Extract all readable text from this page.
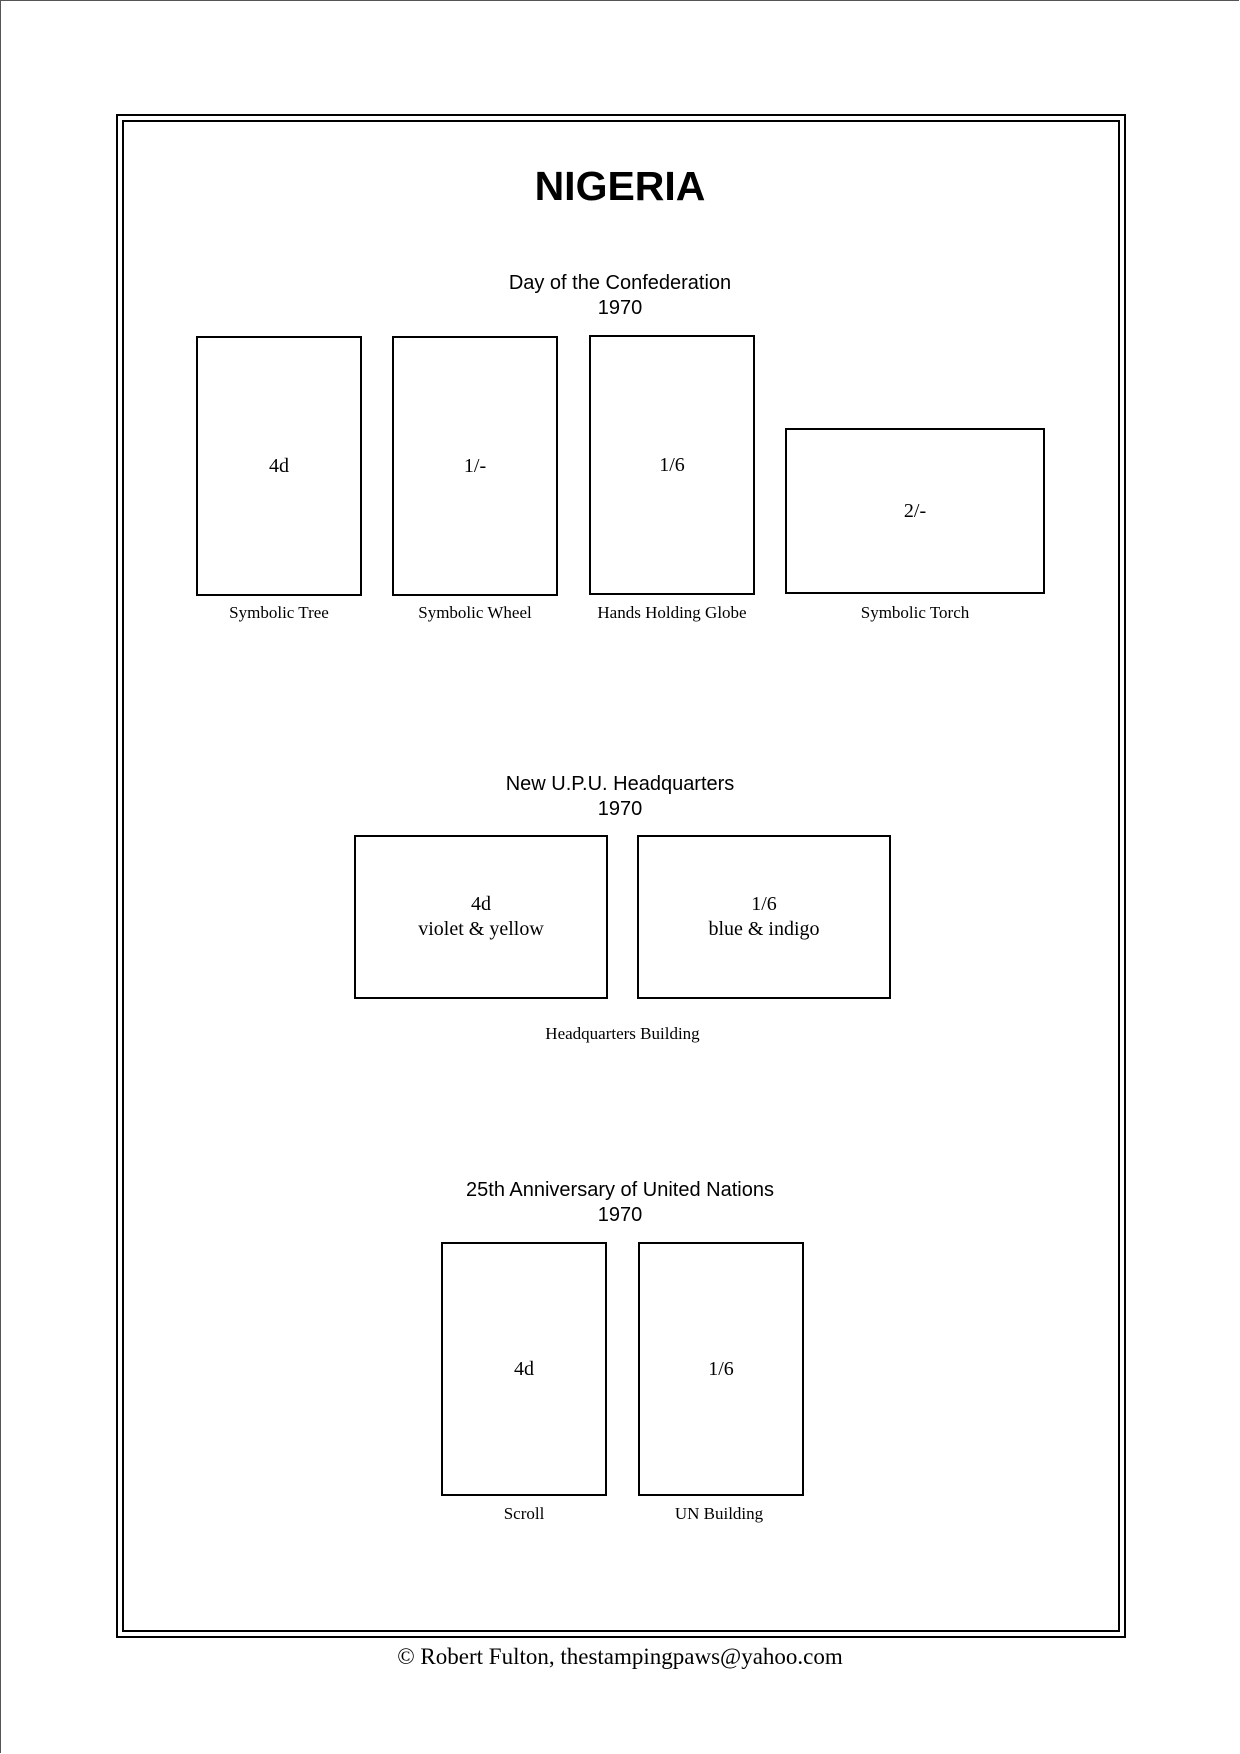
NIGERIA
Day of the Confederation
1970
4d
Symbolic Tree
1/-
Symbolic Wheel
1/6
Hands Holding Globe
2/-
Symbolic Torch
New U.P.U. Headquarters
1970
4d
violet & yellow
1/6
blue & indigo
Headquarters Building
25th Anniversary of United Nations
1970
4d
Scroll
1/6
UN Building
© Robert Fulton, thestampingpaws@yahoo.com
